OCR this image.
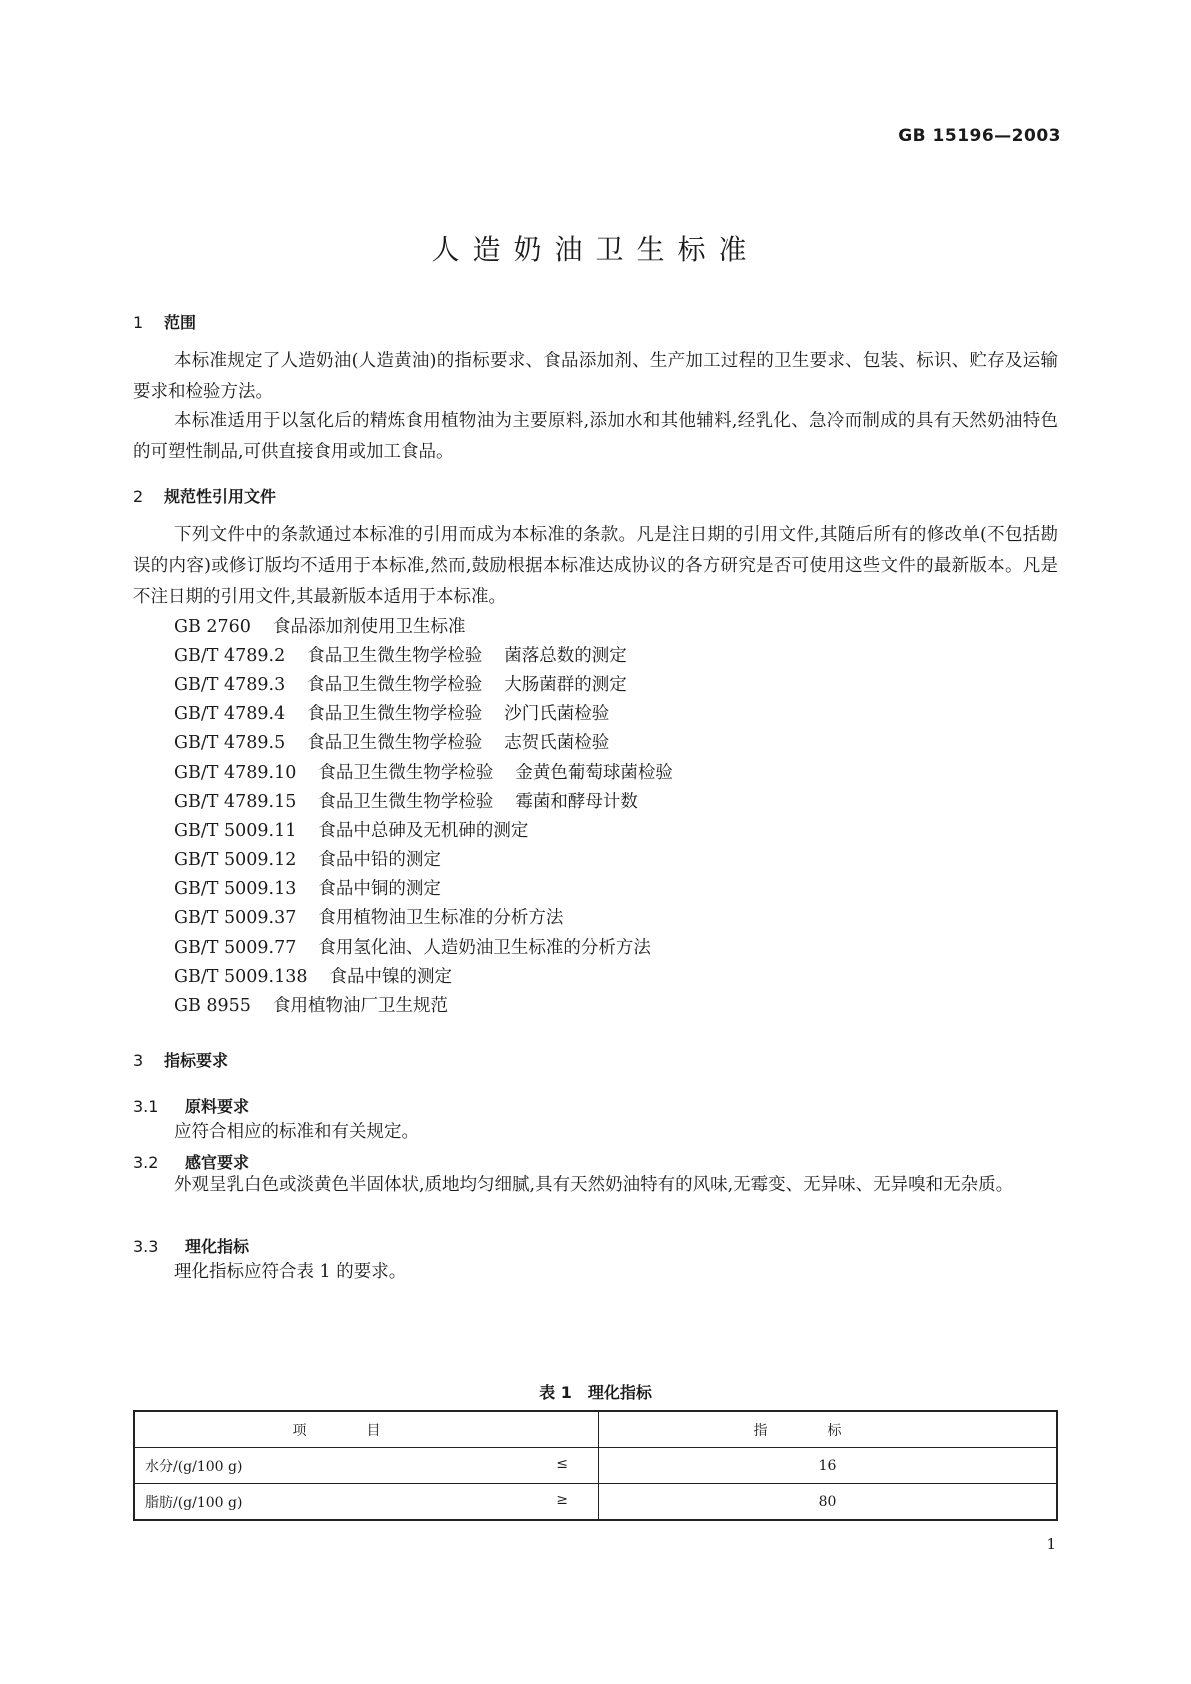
GB 15196—2003
人造奶油卫生标准
1 范围
本标准规定了人造奶油(人造黄油)的指标要求、食品添加剂、生产加工过程的卫生要求、包装、标识、贮存及运输要求和检验方法。
本标准适用于以氢化后的精炼食用植物油为主要原料,添加水和其他辅料,经乳化、急冷而制成的具有天然奶油特色的可塑性制品,可供直接食用或加工食品。
2 规范性引用文件
下列文件中的条款通过本标准的引用而成为本标准的条款。凡是注日期的引用文件,其随后所有的修改单(不包括勘误的内容)或修订版均不适用于本标准,然而,鼓励根据本标准达成协议的各方研究是否可使用这些文件的最新版本。凡是不注日期的引用文件,其最新版本适用于本标准。
GB 2760 食品添加剂使用卫生标准
GB/T 4789.2 食品卫生微生物学检验 菌落总数的测定
GB/T 4789.3 食品卫生微生物学检验 大肠菌群的测定
GB/T 4789.4 食品卫生微生物学检验 沙门氏菌检验
GB/T 4789.5 食品卫生微生物学检验 志贺氏菌检验
GB/T 4789.10 食品卫生微生物学检验 金黄色葡萄球菌检验
GB/T 4789.15 食品卫生微生物学检验 霉菌和酵母计数
GB/T 5009.11 食品中总砷及无机砷的测定
GB/T 5009.12 食品中铅的测定
GB/T 5009.13 食品中铜的测定
GB/T 5009.37 食用植物油卫生标准的分析方法
GB/T 5009.77 食用氢化油、人造奶油卫生标准的分析方法
GB/T 5009.138 食品中镍的测定
GB 8955 食用植物油厂卫生规范
3 指标要求
3.1 原料要求
应符合相应的标准和有关规定。
3.2 感官要求
外观呈乳白色或淡黄色半固体状,质地均匀细腻,具有天然奶油特有的风味,无霉变、无异味、无异嗅和无杂质。
3.3 理化指标
理化指标应符合表 1 的要求。
表 1 理化指标
项目	指标
水分/(g/100 g) ≤	16
脂肪/(g/100 g) ≥	80
1
